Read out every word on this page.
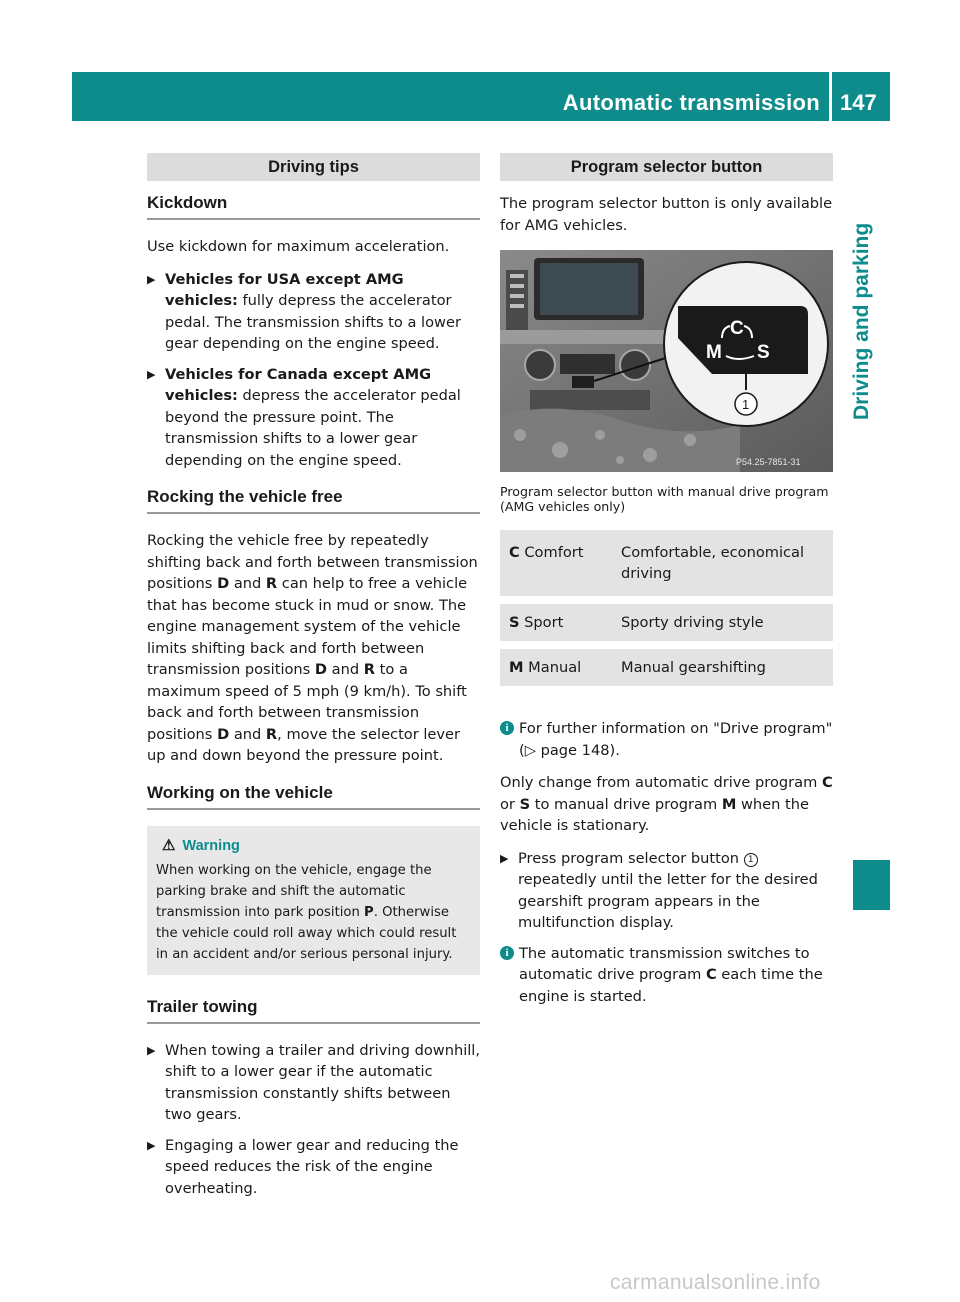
Automatic transmission 147
Driving and parking
Driving tips
Kickdown
Use kickdown for maximum acceleration.
▶ Vehicles for USA except AMG vehicles: fully depress the accelerator pedal. The transmission shifts to a lower gear depending on the engine speed.
▶ Vehicles for Canada except AMG vehicles: depress the accelerator pedal beyond the pressure point. The transmission shifts to a lower gear depending on the engine speed.
Rocking the vehicle free
Rocking the vehicle free by repeatedly shifting back and forth between transmission positions D and R can help to free a vehicle that has become stuck in mud or snow. The engine management system of the vehicle limits shifting back and forth between transmission positions D and R to a maximum speed of 5 mph (9 km/h). To shift back and forth between transmission positions D and R, move the selector lever up and down beyond the pressure point.
Working on the vehicle
⚠ Warning
When working on the vehicle, engage the parking brake and shift the automatic transmission into park position P. Otherwise the vehicle could roll away which could result in an accident and/or serious personal injury.
Trailer towing
▶ When towing a trailer and driving downhill, shift to a lower gear if the automatic transmission constantly shifts between two gears.
▶ Engaging a lower gear and reducing the speed reduces the risk of the engine overheating.
Program selector button
The program selector button is only available for AMG vehicles.
C
M S
1
P54.25-7851-31
Program selector button with manual drive program (AMG vehicles only)
C Comfort	Comfortable, economical driving
S Sport	Sporty driving style
M Manual	Manual gearshifting
i For further information on "Drive program" (▷ page 148).
Only change from automatic drive program C or S to manual drive program M when the vehicle is stationary.
▶ Press program selector button 1 repeatedly until the letter for the desired gearshift program appears in the multifunction display.
i The automatic transmission switches to automatic drive program C each time the engine is started.
carmanualsonline.info
